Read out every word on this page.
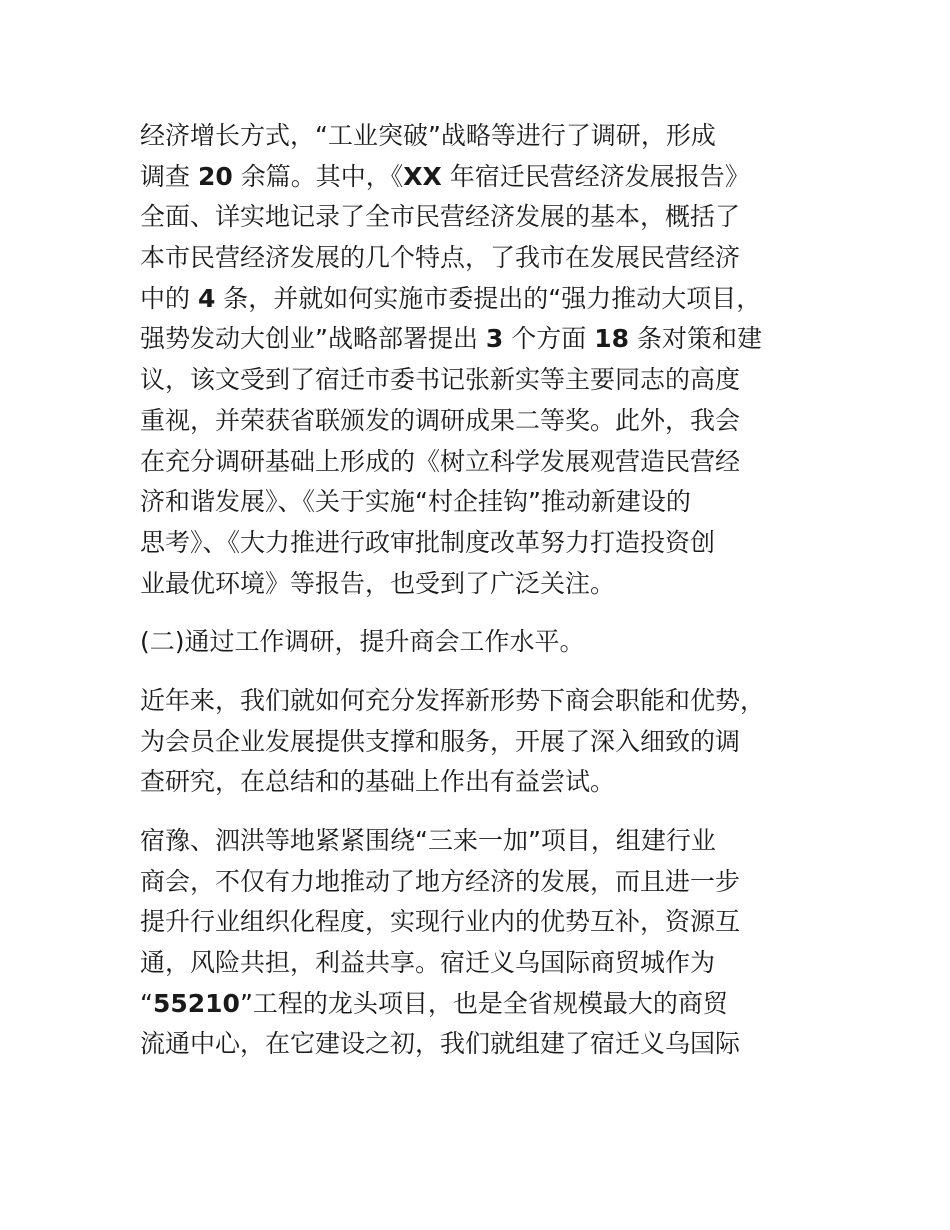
经济增长方式，“工业突破”战略等进行了调研，形成
调查 20 余篇。其中，《XX 年宿迁民营经济发展报告》
全面、详实地记录了全市民营经济发展的基本，概括了
本市民营经济发展的几个特点，了我市在发展民营经济
中的 4 条，并就如何实施市委提出的“强力推动大项目，
强势发动大创业”战略部署提出 3 个方面 18 条对策和建
议，该文受到了宿迁市委书记张新实等主要同志的高度
重视，并荣获省联颁发的调研成果二等奖。此外，我会
在充分调研基础上形成的《树立科学发展观营造民营经
济和谐发展》、《关于实施“村企挂钩”推动新建设的
思考》、《大力推进行政审批制度改革努力打造投资创
业最优环境》等报告，也受到了广泛关注。
(二)通过工作调研，提升商会工作水平。
近年来，我们就如何充分发挥新形势下商会职能和优势，
为会员企业发展提供支撑和服务，开展了深入细致的调
查研究，在总结和的基础上作出有益尝试。
宿豫、泗洪等地紧紧围绕“三来一加”项目，组建行业
商会，不仅有力地推动了地方经济的发展，而且进一步
提升行业组织化程度，实现行业内的优势互补，资源互
通，风险共担，利益共享。宿迁义乌国际商贸城作为
“55210”工程的龙头项目，也是全省规模最大的商贸
流通中心，在它建设之初，我们就组建了宿迁义乌国际
